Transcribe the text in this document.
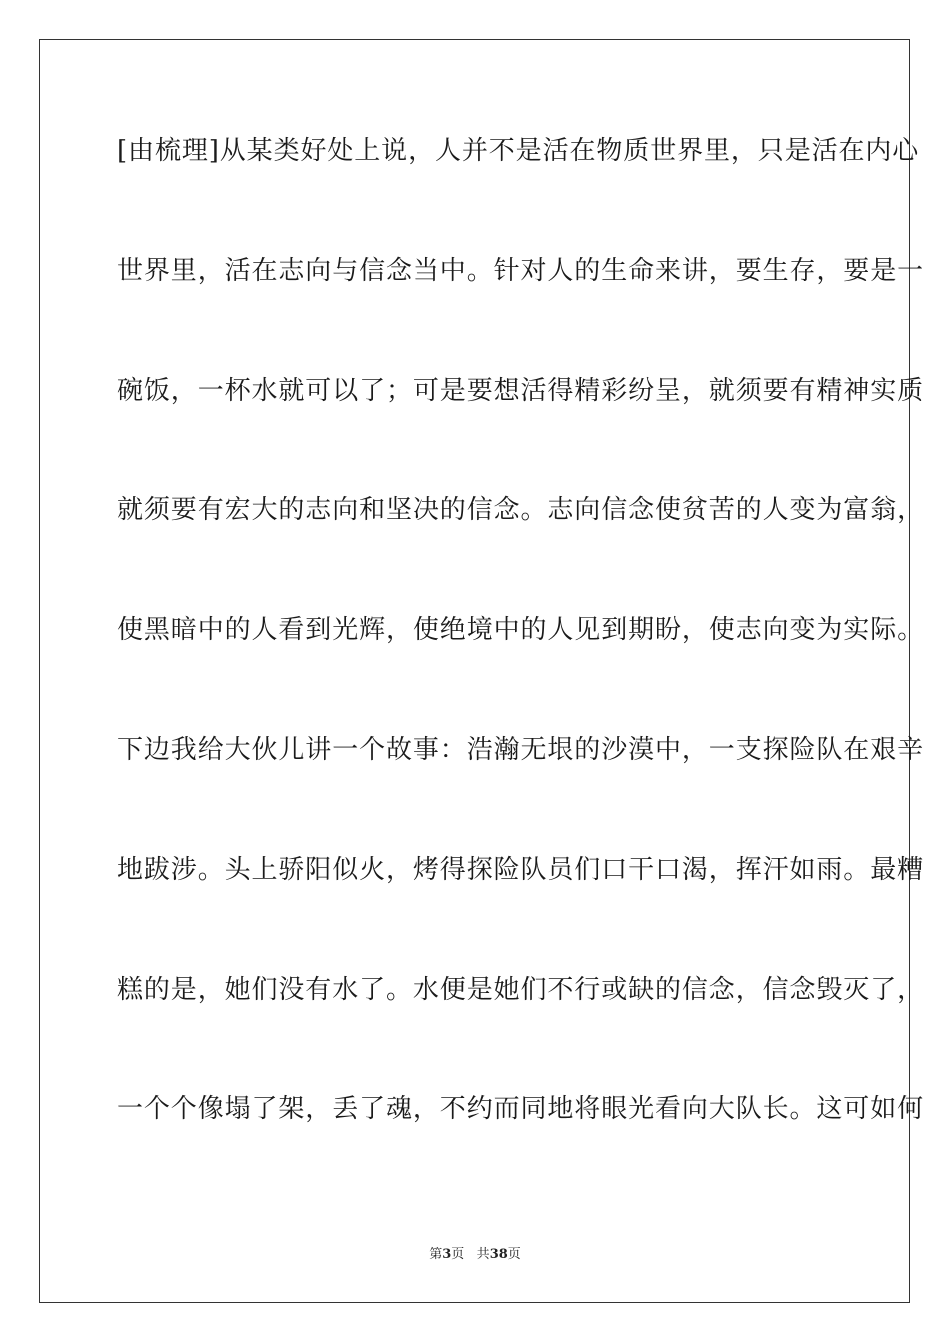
[由梳理]从某类好处上说，人并不是活在物质世界里，只是活在内心
世界里，活在志向与信念当中。针对人的生命来讲，要生存，要是一
碗饭，一杯水就可以了；可是要想活得精彩纷呈，就须要有精神实质
就须要有宏大的志向和坚决的信念。志向信念使贫苦的人变为富翁，
使黑暗中的人看到光辉，使绝境中的人见到期盼，使志向变为实际。
下边我给大伙儿讲一个故事：浩瀚无垠的沙漠中，一支探险队在艰辛
地跋涉。头上骄阳似火，烤得探险队员们口干口渴，挥汗如雨。最糟
糕的是，她们没有水了。水便是她们不行或缺的信念，信念毁灭了，
一个个像塌了架，丢了魂，不约而同地将眼光看向大队长。这可如何
第3页 共38页
